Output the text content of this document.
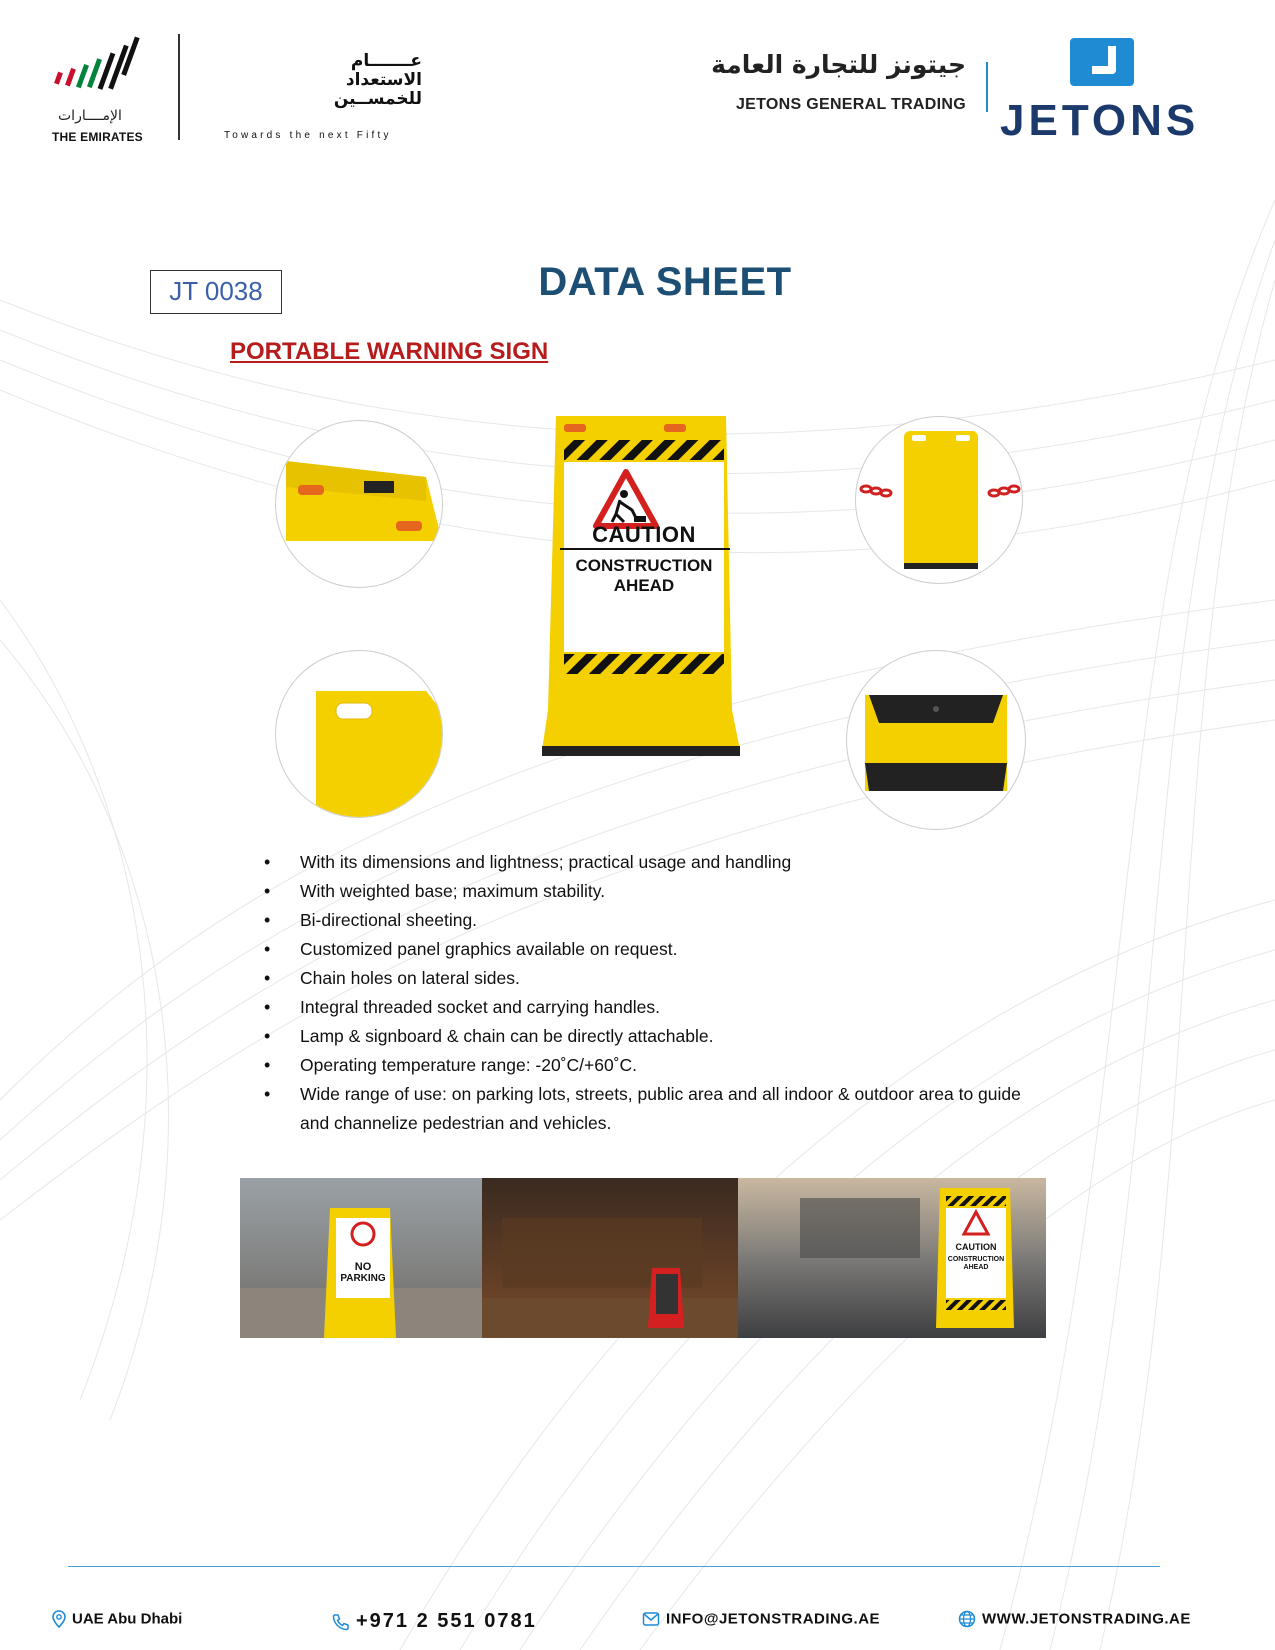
الإمــــارات
THE EMIRATES
عـــــــام
الاستعداد
للخمســين
Towards the next Fifty
جيتونز للتجارة العامة
JETONS GENERAL TRADING JETONS
JT 0038	DATA SHEET
PORTABLE WARNING SIGN
CAUTION
CONSTRUCTION
AHEAD
• With its dimensions and lightness; practical usage and handling
• With weighted base; maximum stability.
• Bi-directional sheeting.
• Customized panel graphics available on request.
• Chain holes on lateral sides.
• Integral threaded socket and carrying handles.
• Lamp & signboard & chain can be directly attachable.
• Operating temperature range: -20˚C/+60˚C.
• Wide range of use: on parking lots, streets, public area and all indoor & outdoor area to guide and channelize pedestrian and vehicles.
NO
PARKING
CAUTION
CONSTRUCTION
AHEAD
UAE Abu Dhabi	+971 2 551 0781	INFO@JETONSTRADING.AE	WWW.JETONSTRADING.AE
